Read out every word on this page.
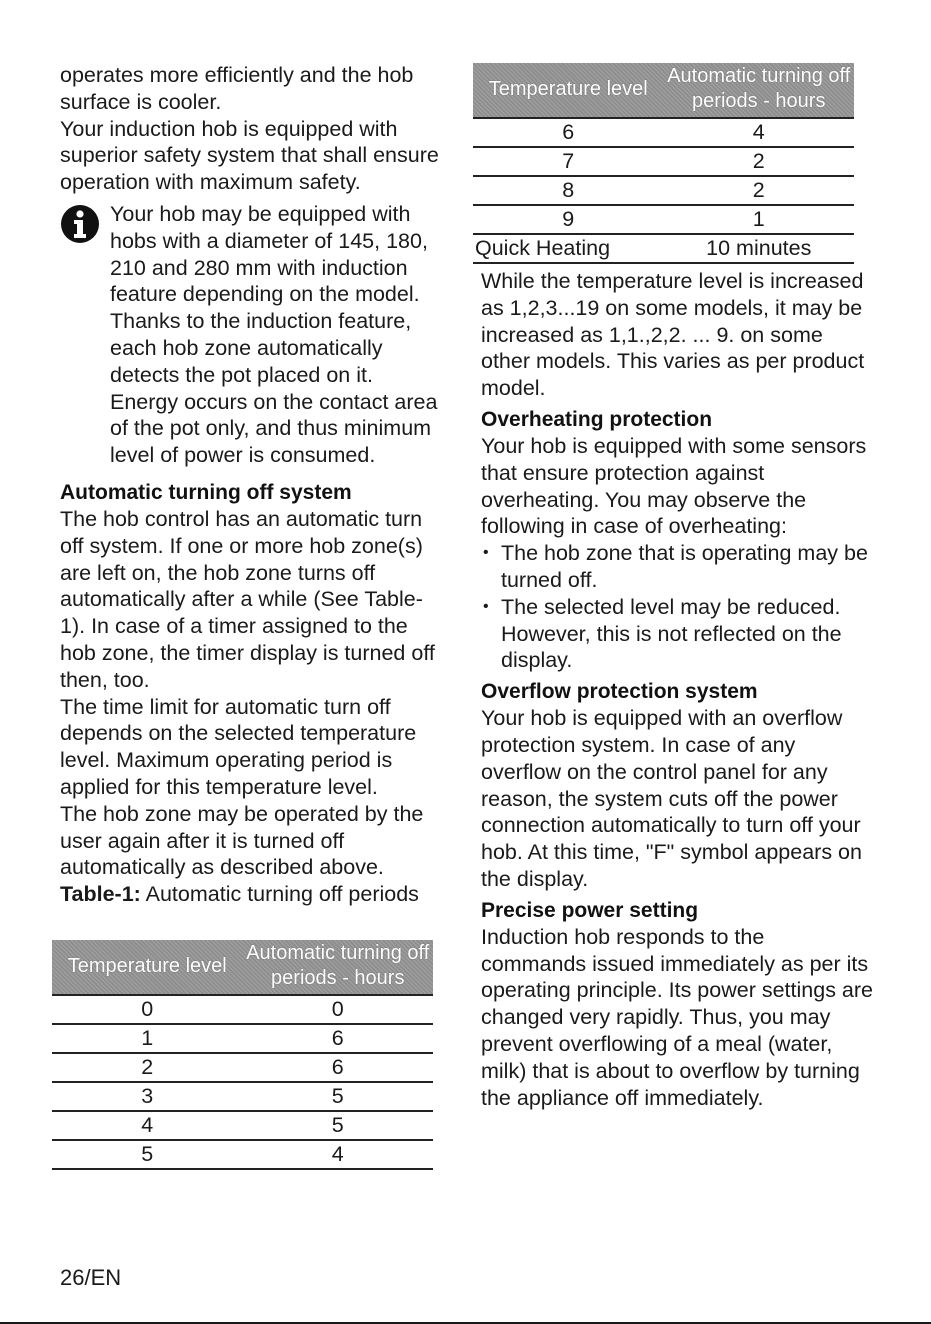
operates more efficiently and the hob surface is cooler.

Your induction hob is equipped with superior safety system that shall ensure operation with maximum safety.

Your hob may be equipped with hobs with a diameter of 145, 180, 210 and 280 mm with induction feature depending on the model. Thanks to the induction feature, each hob zone automatically detects the pot placed on it. Energy occurs on the contact area of the pot only, and thus minimum level of power is consumed.

Automatic turning off system

The hob control has an automatic turn off system. If one or more hob zone(s) are left on, the hob zone turns off automatically after a while (See Table-1). In case of a timer assigned to the hob zone, the timer display is turned off then, too.

The time limit for automatic turn off depends on the selected temperature level. Maximum operating period is applied for this temperature level.

The hob zone may be operated by the user again after it is turned off automatically as described above.

Table-1: Automatic turning off periods

Temperature level	Automatic turning off periods - hours
0	0
1	6
2	6
3	5
4	5
5	4
Temperature level	Automatic turning off periods - hours
6	4
7	2
8	2
9	1
Quick Heating	10 minutes

While the temperature level is increased as 1,2,3...19 on some models, it may be increased as 1,1.,2,2. ... 9. on some other models. This varies as per product model.

Overheating protection

Your hob is equipped with some sensors that ensure protection against overheating. You may observe the following in case of overheating:

• The hob zone that is operating may be turned off.
• The selected level may be reduced. However, this is not reflected on the display.
Overflow protection system

Your hob is equipped with an overflow protection system. In case of any overflow on the control panel for any reason, the system cuts off the power connection automatically to turn off your hob. At this time, "F" symbol appears on the display.

Precise power setting

Induction hob responds to the commands issued immediately as per its operating principle. Its power settings are changed very rapidly. Thus, you may prevent overflowing of a meal (water, milk) that is about to overflow by turning the appliance off immediately.

26/EN
